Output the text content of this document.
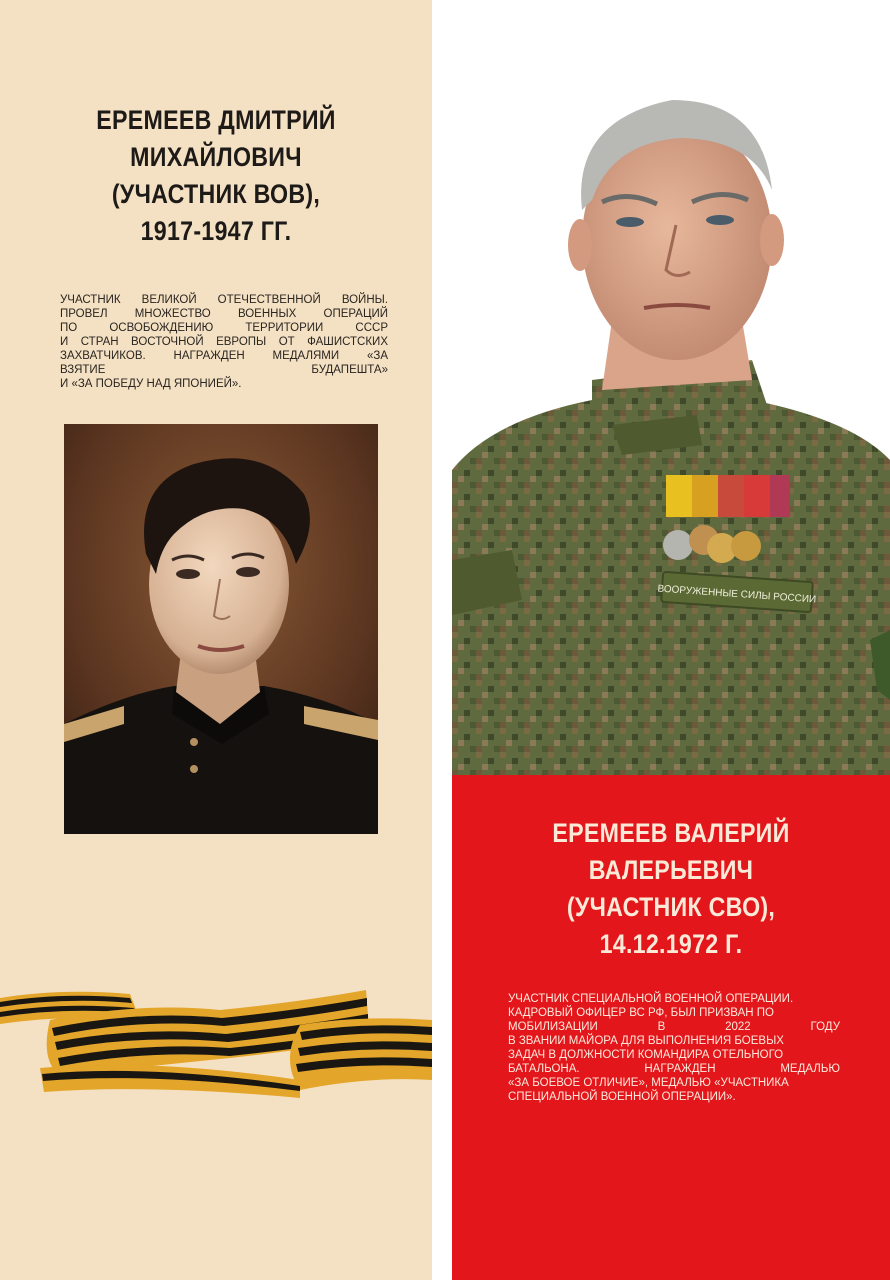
ЕРЕМЕЕВ ДМИТРИЙ
МИХАЙЛОВИЧ
(УЧАСТНИК ВОВ),
1917-1947 ГГ.
УЧАСТНИК ВЕЛИКОЙ ОТЕЧЕСТВЕННОЙ ВОЙНЫ.
ПРОВЕЛ МНОЖЕСТВО ВОЕННЫХ ОПЕРАЦИЙ
ПО ОСВОБОЖДЕНИЮ ТЕРРИТОРИИ СССР
И СТРАН ВОСТОЧНОЙ ЕВРОПЫ ОТ ФАШИСТСКИХ
ЗАХВАТЧИКОВ. НАГРАЖДЕН МЕДАЛЯМИ «ЗА
ВЗЯТИЕ БУДАПЕШТА»
И «ЗА ПОБЕДУ НАД ЯПОНИЕЙ».
ВООРУЖЕННЫЕ СИЛЫ РОССИИ
ЕРЕМЕЕВ ВАЛЕРИЙ
ВАЛЕРЬЕВИЧ
(УЧАСТНИК СВО),
14.12.1972 Г.
УЧАСТНИК СПЕЦИАЛЬНОЙ ВОЕННОЙ ОПЕРАЦИИ.
КАДРОВЫЙ ОФИЦЕР ВС РФ, БЫЛ ПРИЗВАН ПО
МОБИЛИЗАЦИИ В 2022 ГОДУ
В ЗВАНИИ МАЙОРА ДЛЯ ВЫПОЛНЕНИЯ БОЕВЫХ
ЗАДАЧ В ДОЛЖНОСТИ КОМАНДИРА ОТЕЛЬНОГО
БАТАЛЬОНА. НАГРАЖДЕН МЕДАЛЬЮ
«ЗА БОЕВОЕ ОТЛИЧИЕ», МЕДАЛЬЮ «УЧАСТНИКА
СПЕЦИАЛЬНОЙ ВОЕННОЙ ОПЕРАЦИИ».
